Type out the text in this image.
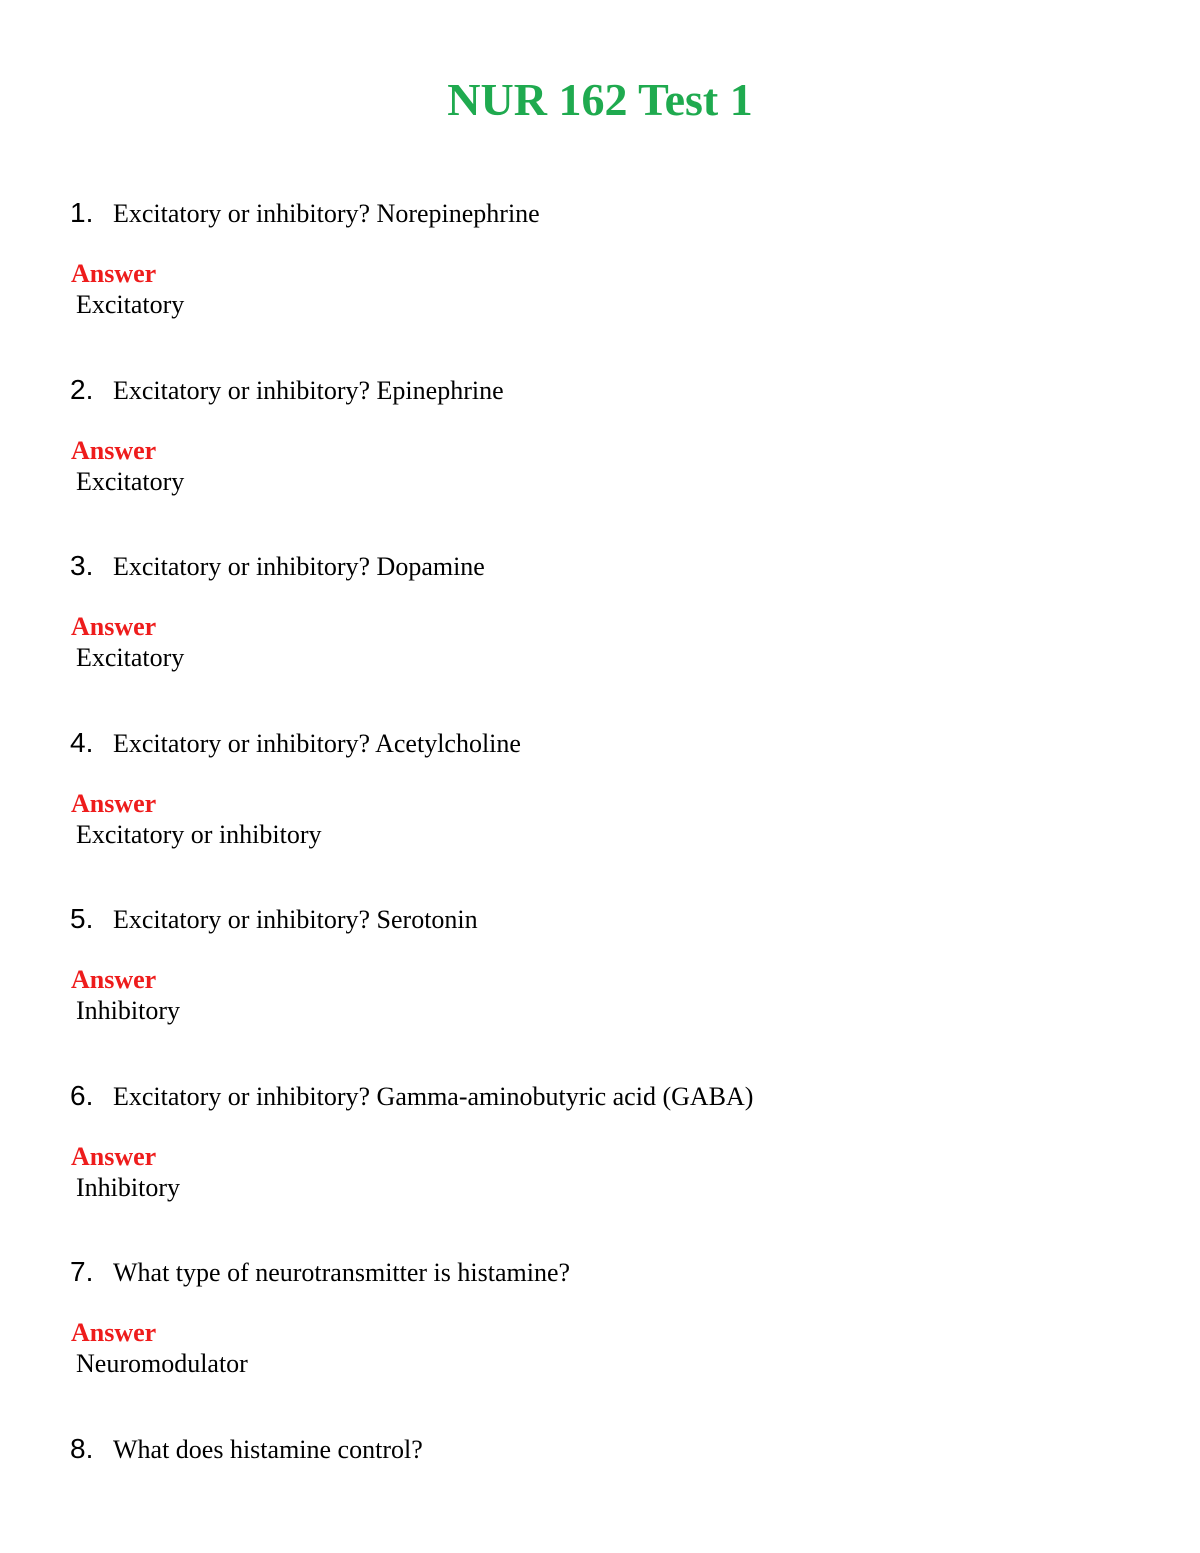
NUR 162 Test 1
1. Excitatory or inhibitory? Norepinephrine
Answer
Excitatory
2. Excitatory or inhibitory? Epinephrine
Answer
Excitatory
3. Excitatory or inhibitory? Dopamine
Answer
Excitatory
4. Excitatory or inhibitory? Acetylcholine
Answer
Excitatory or inhibitory
5. Excitatory or inhibitory? Serotonin
Answer
Inhibitory
6. Excitatory or inhibitory? Gamma-aminobutyric acid (GABA)
Answer
Inhibitory
7. What type of neurotransmitter is histamine?
Answer
Neuromodulator
8. What does histamine control?
